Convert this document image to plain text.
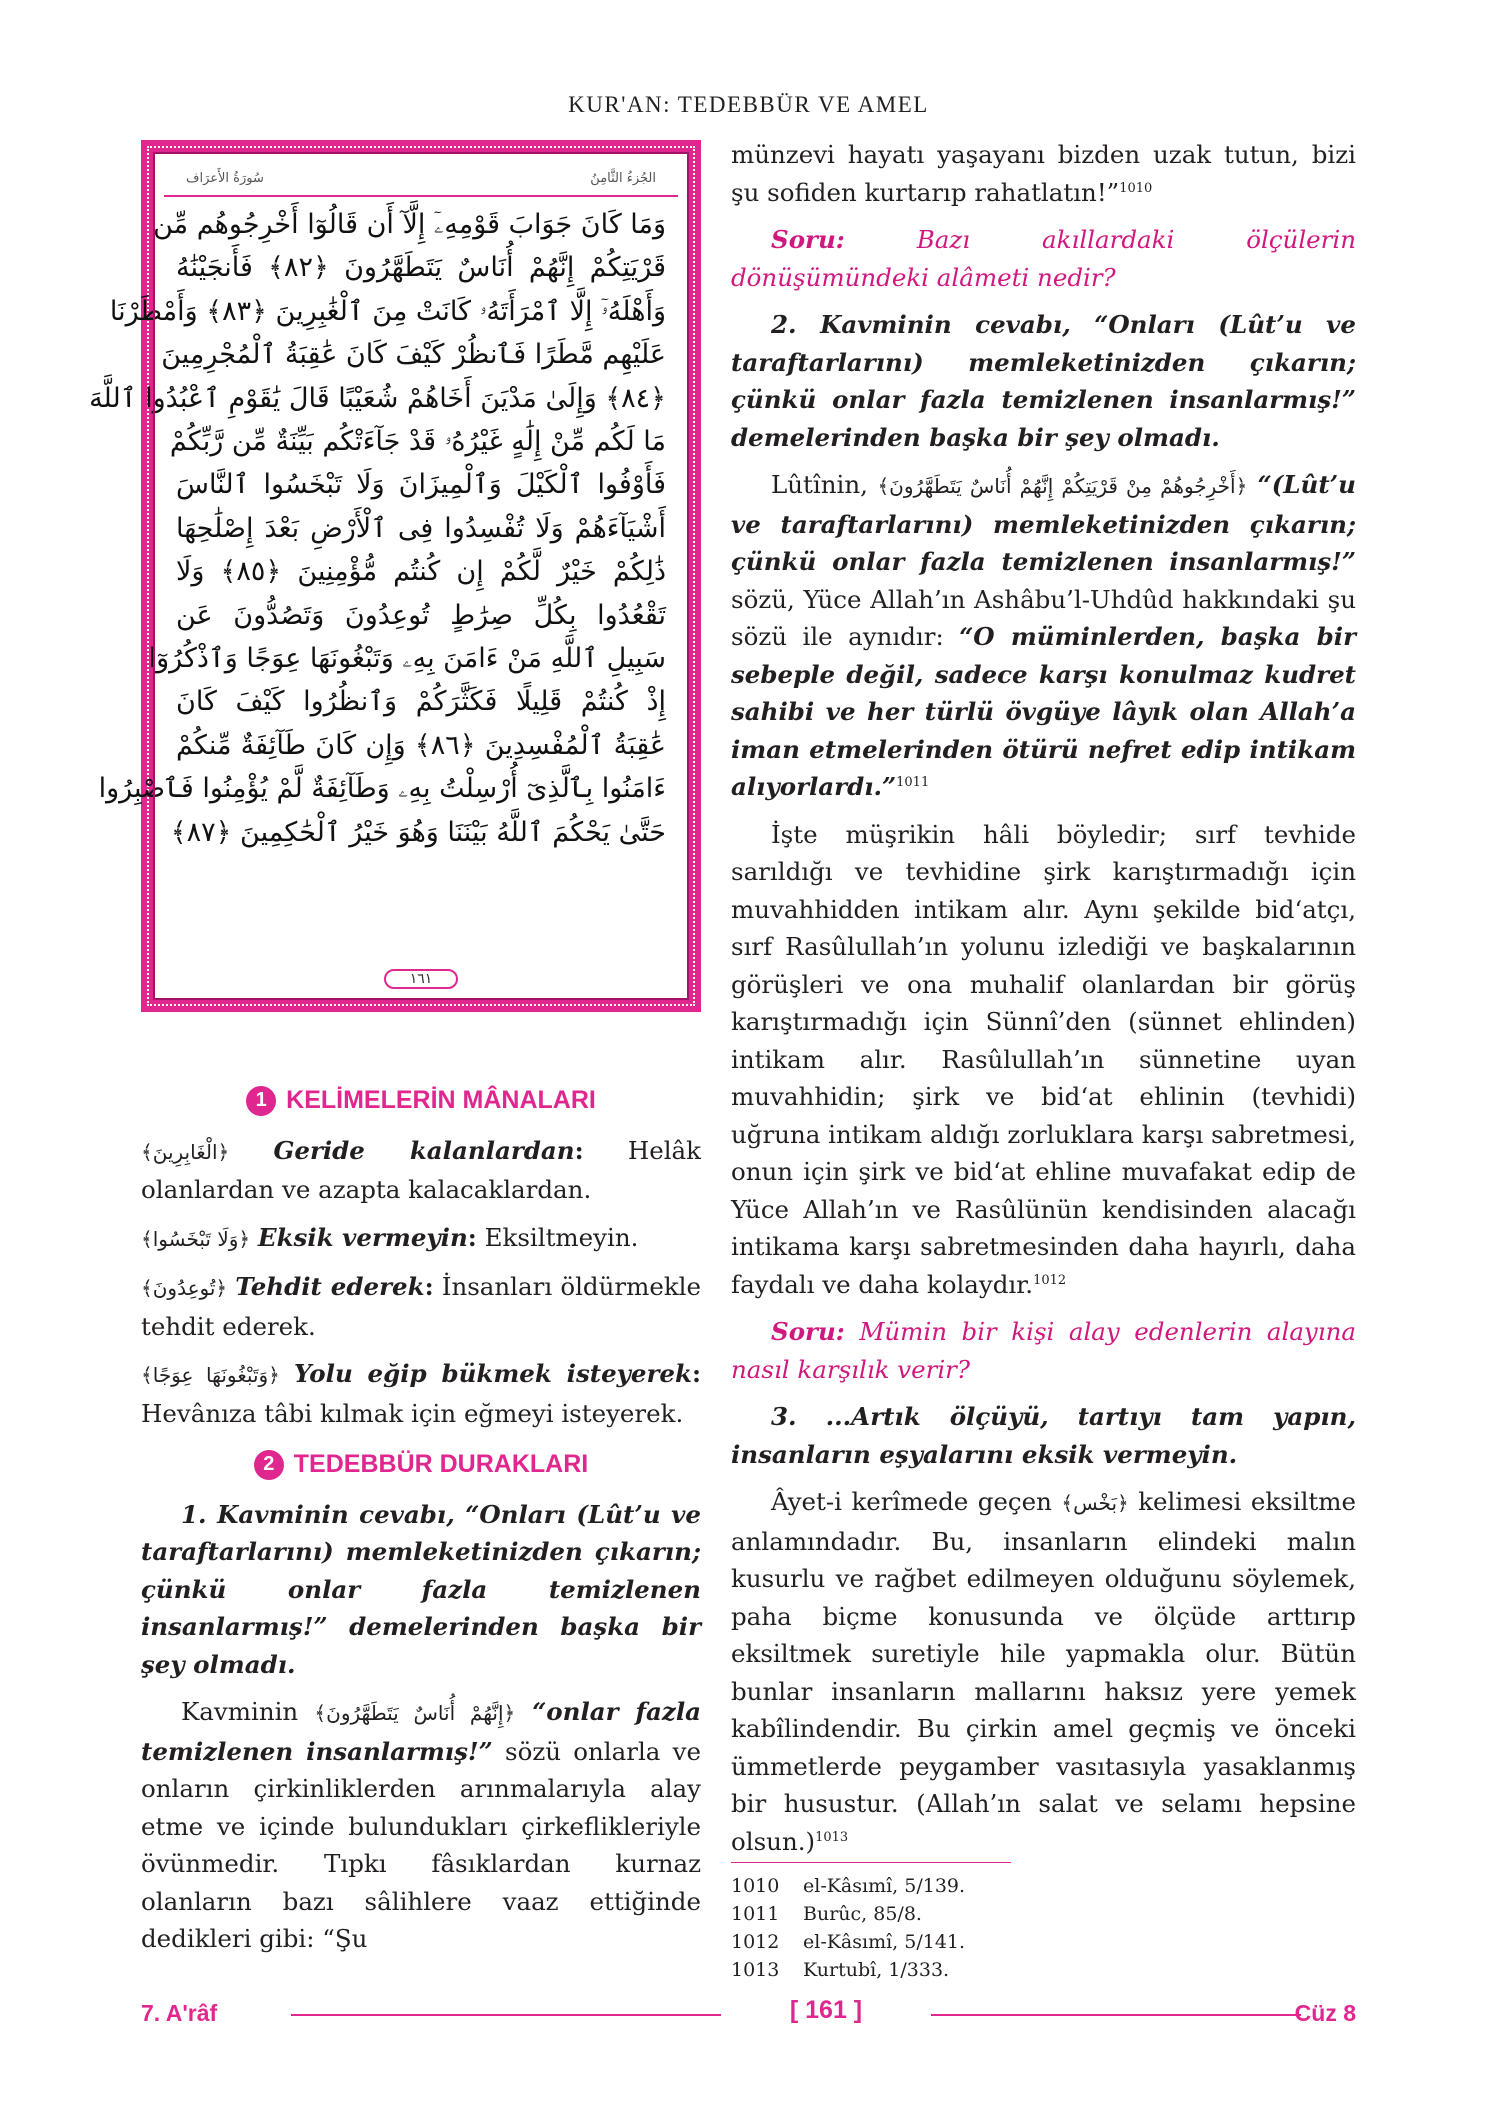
KUR'AN: TEDEBBÜR VE AMEL
الجُزءُ الثَّامِنُ
سُورَةُ الأَعرَاف
وَمَا كَانَ جَوَابَ قَوْمِهِۦٓ إِلَّآ أَن قَالُوٓا أَخْرِجُوهُم مِّن
قَرْيَتِكُمْ إِنَّهُمْ أُنَاسٌ يَتَطَهَّرُونَ ﴿٨٢﴾ فَأَنجَيْنَٰهُ
وَأَهْلَهُۥٓ إِلَّا ٱمْرَأَتَهُۥ كَانَتْ مِنَ ٱلْغَٰبِرِينَ ﴿٨٣﴾ وَأَمْطَرْنَا
عَلَيْهِم مَّطَرًا فَٱنظُرْ كَيْفَ كَانَ عَٰقِبَةُ ٱلْمُجْرِمِينَ
﴿٨٤﴾ وَإِلَىٰ مَدْيَنَ أَخَاهُمْ شُعَيْبًا قَالَ يَٰقَوْمِ ٱعْبُدُوا ٱللَّهَ
مَا لَكُم مِّنْ إِلَٰهٍ غَيْرُهُۥ قَدْ جَآءَتْكُم بَيِّنَةٌ مِّن رَّبِّكُمْ
فَأَوْفُوا ٱلْكَيْلَ وَٱلْمِيزَانَ وَلَا تَبْخَسُوا ٱلنَّاسَ
أَشْيَآءَهُمْ وَلَا تُفْسِدُوا فِى ٱلْأَرْضِ بَعْدَ إِصْلَٰحِهَا
ذَٰلِكُمْ خَيْرٌ لَّكُمْ إِن كُنتُم مُّؤْمِنِينَ ﴿٨٥﴾ وَلَا
تَقْعُدُوا بِكُلِّ صِرَٰطٍ تُوعِدُونَ وَتَصُدُّونَ عَن
سَبِيلِ ٱللَّهِ مَنْ ءَامَنَ بِهِۦ وَتَبْغُونَهَا عِوَجًا وَٱذْكُرُوٓا
إِذْ كُنتُمْ قَلِيلًا فَكَثَّرَكُمْ وَٱنظُرُوا كَيْفَ كَانَ
عَٰقِبَةُ ٱلْمُفْسِدِينَ ﴿٨٦﴾ وَإِن كَانَ طَآئِفَةٌ مِّنكُمْ
ءَامَنُوا بِٱلَّذِىٓ أُرْسِلْتُ بِهِۦ وَطَآئِفَةٌ لَّمْ يُؤْمِنُوا فَٱصْبِرُوا
حَتَّىٰ يَحْكُمَ ٱللَّهُ بَيْنَنَا وَهُوَ خَيْرُ ٱلْحَٰكِمِينَ ﴿٨٧﴾
١٦١
1 KELİMELERİN MÂNALARI

﴿الْغَابِرِينَ﴾ Geride kalanlardan: Helâk olanlardan ve azapta kalacaklardan.

﴿وَلَا تَبْخَسُوا﴾ Eksik vermeyin: Eksiltmeyin.

﴿تُوعِدُونَ﴾ Tehdit ederek: İnsanları öldürmekle tehdit ederek.

﴿وَتَبْغُونَهَا عِوَجًا﴾ Yolu eğip bükmek isteyerek: Hevânıza tâbi kılmak için eğmeyi isteyerek.

2 TEDEBBÜR DURAKLARI

1. Kavminin cevabı, “Onları (Lût’u ve taraftarlarını) memleketinizden çıkarın; çünkü onlar fazla temizlenen insanlarmış!” demelerinden başka bir şey olmadı.

Kavminin ﴿إِنَّهُمْ أُنَاسٌ يَتَطَهَّرُونَ﴾ “onlar fazla temizlenen insanlarmış!” sözü onlarla ve onların çirkinliklerden arınmalarıyla alay etme ve içinde bulundukları çirkeflikleriyle övünmedir. Tıpkı fâsıklardan kurnaz olanların bazı sâlihlere vaaz ettiğinde dedikleri gibi: “Şu

münzevi hayatı yaşayanı bizden uzak tutun, bizi şu sofiden kurtarıp rahatlatın!”$^{1010}$

Soru: Bazı akıllardaki ölçülerin dönüşümündeki alâmeti nedir?

2. Kavminin cevabı, “Onları (Lût’u ve taraftarlarını) memleketinizden çıkarın; çünkü onlar fazla temizlenen insanlarmış!” demelerinden başka bir şey olmadı.

Lûtînin, ﴿أَخْرِجُوهُمْ مِنْ قَرْيَتِكُمْ إِنَّهُمْ أُنَاسٌ يَتَطَهَّرُونَ﴾ “(Lût’u ve taraftarlarını) memleketinizden çıkarın; çünkü onlar fazla temizlenen insanlarmış!” sözü, Yüce Allah’ın Ashâbu’l-Uhdûd hakkındaki şu sözü ile aynıdır: “O müminlerden, başka bir sebeple değil, sadece karşı konulmaz kudret sahibi ve her türlü övgüye lâyık olan Allah’a iman etmelerinden ötürü nefret edip intikam alıyorlardı.”$^{1011}$

İşte müşrikin hâli böyledir; sırf tevhide sarıldığı ve tevhidine şirk karıştırmadığı için muvahhidden intikam alır. Aynı şekilde bid‘atçı, sırf Rasûlullah’ın yolunu izlediği ve başkalarının görüşleri ve ona muhalif olanlardan bir görüş karıştırmadığı için Sünnî’den (sünnet ehlinden) intikam alır. Rasûlullah’ın sünnetine uyan muvahhidin; şirk ve bid‘at ehlinin (tevhidi) uğruna intikam aldığı zorluklara karşı sabretmesi, onun için şirk ve bid‘at ehline muvafakat edip de Yüce Allah’ın ve Rasûlünün kendisinden alacağı intikama karşı sabretmesinden daha hayırlı, daha faydalı ve daha kolaydır.$^{1012}$

Soru: Mümin bir kişi alay edenlerin alayına nasıl karşılık verir?

3. ...Artık ölçüyü, tartıyı tam yapın, insanların eşyalarını eksik vermeyin.

Âyet-i kerîmede geçen ﴿بَخْس﴾ kelimesi eksiltme anlamındadır. Bu, insanların elindeki malın kusurlu ve rağbet edilmeyen olduğunu söylemek, paha biçme konusunda ve ölçüde arttırıp eksiltmek suretiyle hile yapmakla olur. Bütün bunlar insanların mallarını haksız yere yemek kabîlindendir. Bu çirkin amel geçmiş ve önceki ümmetlerde peygamber vasıtasıyla yasaklanmış bir husustur. (Allah’ın salat ve selamı hepsine olsun.)$^{1013}$

1010	el-Kâsımî, 5/139.
1011	Burûc, 85/8.
1012	el-Kâsımî, 5/141.
1013	Kurtubî, 1/333.
7. A'râf	[ 161 ]	Cüz 8
